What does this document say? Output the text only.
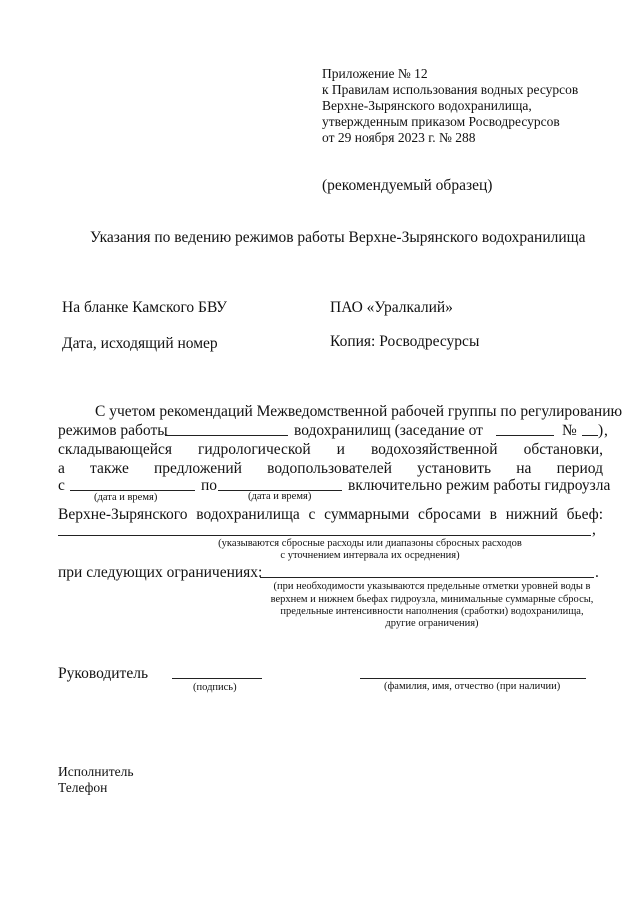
Приложение № 12
к Правилам использования водных ресурсов
Верхне-Зырянского водохранилища,
утвержденным приказом Росводресурсов
от 29 ноября 2023 г. № 288
(рекомендуемый образец)
Указания по ведению режимов работы Верхне-Зырянского водохранилища
На бланке Камского БВУ	ПАО «Уралкалий»
Дата, исходящий номер	Копия: Росводресурсы
С учетом рекомендаций Межведомственной рабочей группы по регулированию
режимов работы	водохранилищ (заседание от	№ ) ,
складывающейся гидрологической и водохозяйственной обстановки,
а также предложений водопользователей установить на период
с	по	включительно режим работы гидроузла
(дата и время)	(дата и время)
Верхне-Зырянского водохранилища с суммарными сбросами в нижний бьеф:
,
(указываются сбросные расходы или диапазоны сбросных расходов
с уточнением интервала их осреднения)
при следующих ограничениях:	.
(при необходимости указываются предельные отметки уровней воды в
верхнем и нижнем бьефах гидроузла, минимальные суммарные сбросы,
предельные интенсивности наполнения (сработки) водохранилища,
другие ограничения)
Руководитель
(подпись)	(фамилия, имя, отчество (при наличии)
Исполнитель
Телефон
